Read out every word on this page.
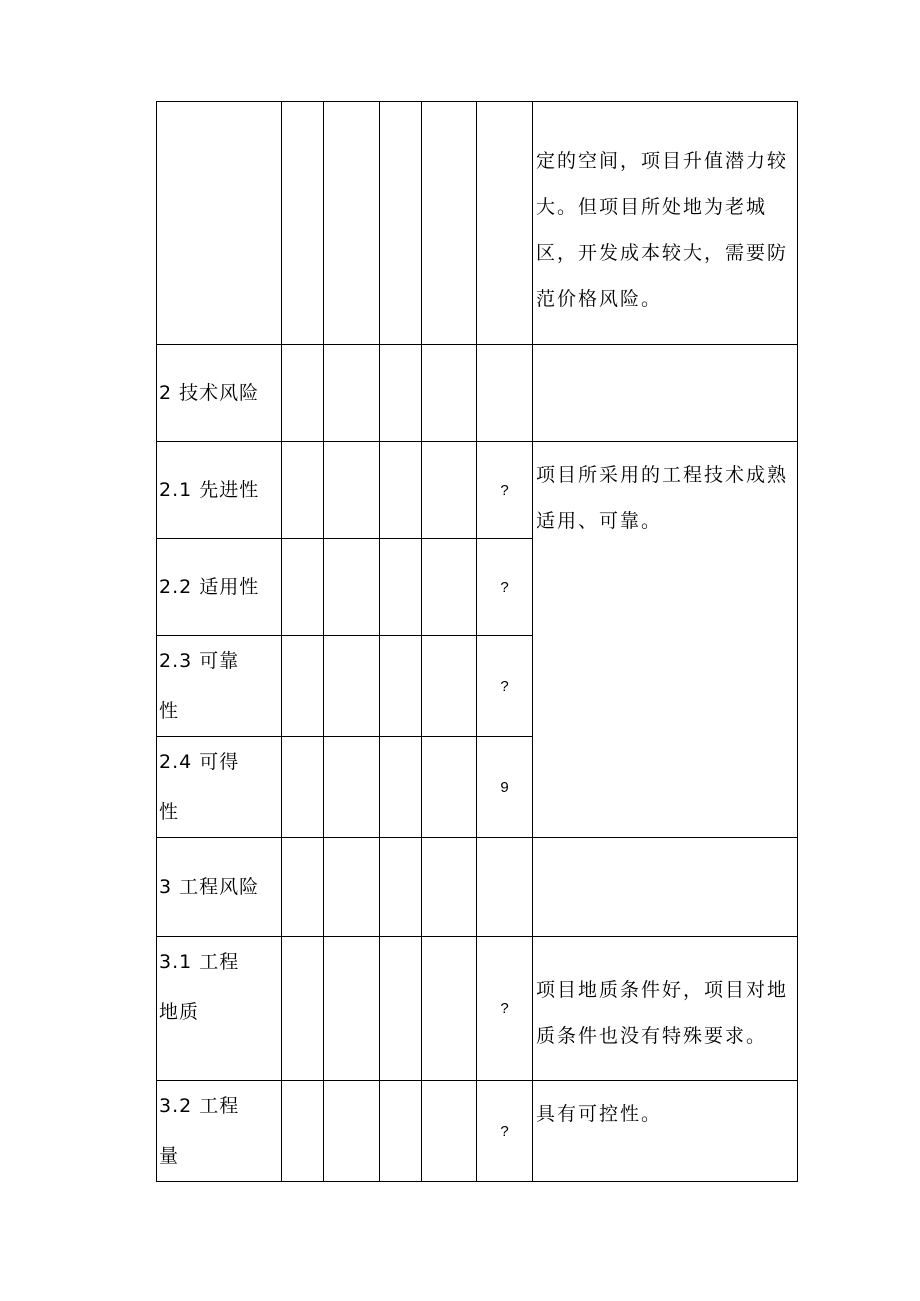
						定的空间，项目升值潜力较大。但项目所处地为老城区，开发成本较大，需要防范价格风险。
2 技术风险						
2.1 先进性					?	项目所采用的工程技术成熟适用、可靠。
2.2 适用性					?	

2.3 可靠性					?	

2.4 可得性					9	
3 工程风险						

3.1 工程地质					?	项目地质条件好，项目对地质条件也没有特殊要求。

3.2 工程量					?	具有可控性。
